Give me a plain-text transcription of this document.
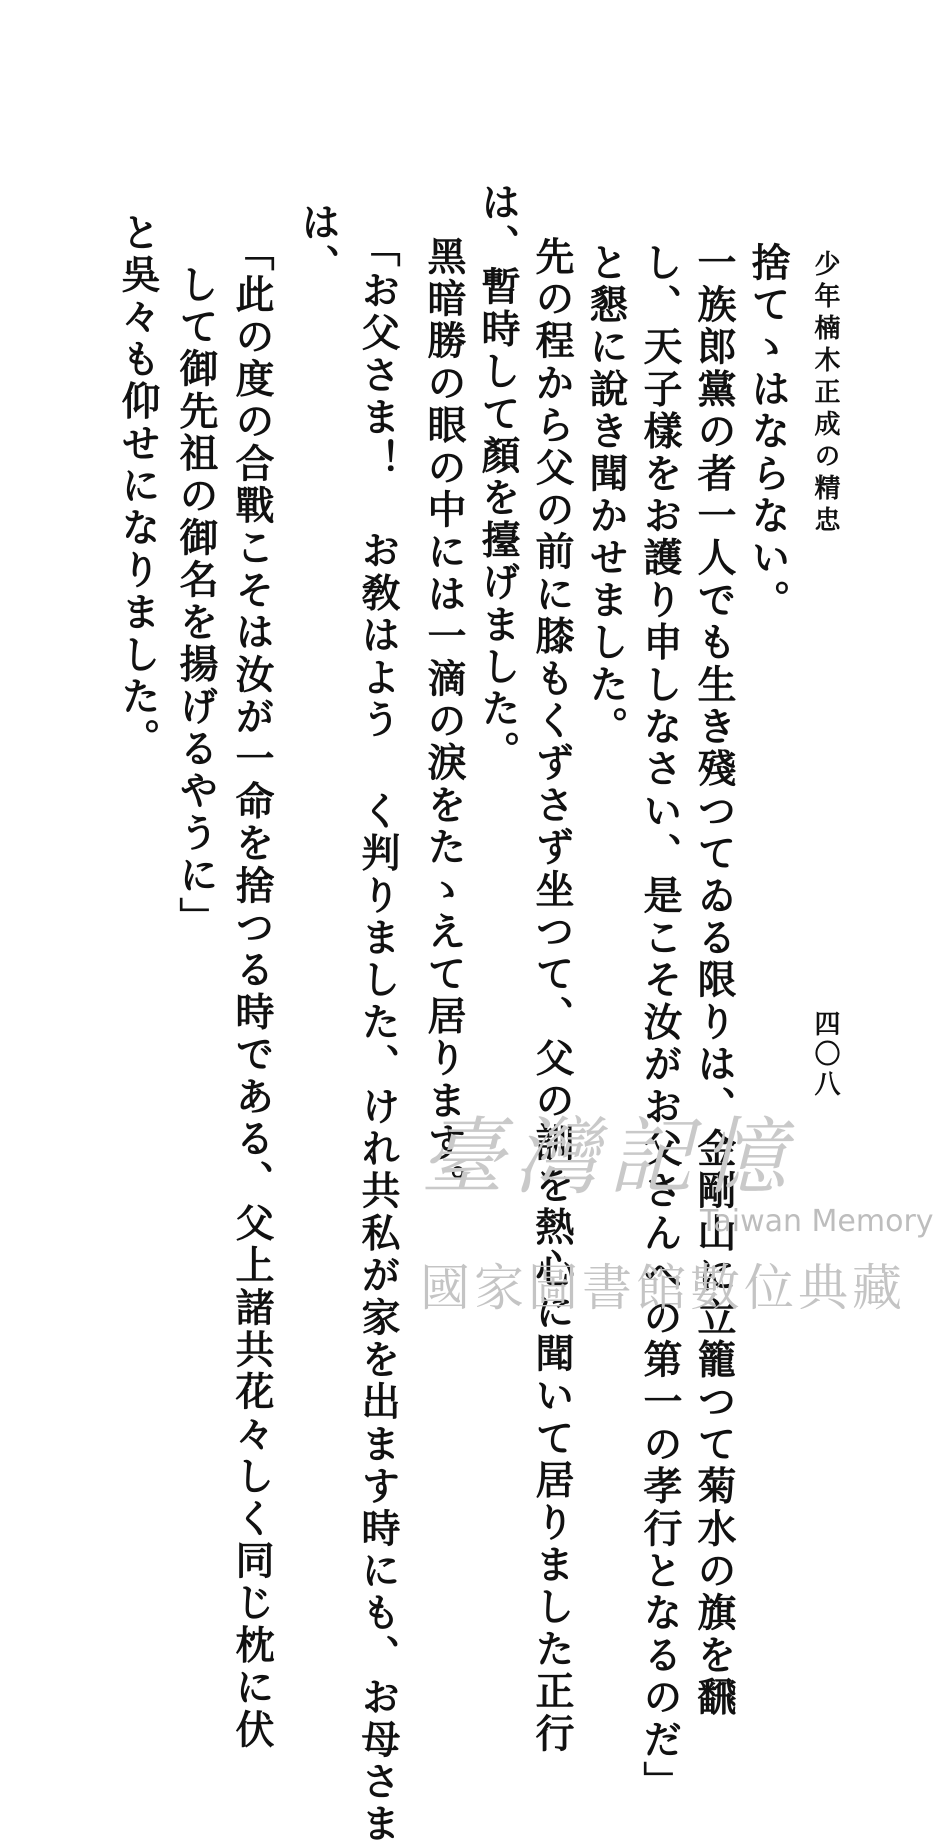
少年楠木正成の精忠
四〇八
捨てゝはならない。
一族郎黨の者一人でも生き殘つてゐる限りは、金剛山に立籠つて菊水の旗を飜
し、天子樣をお護り申しなさい、是こそ汝がお父さんへの第一の孝行となるのだ」
と懇に說き聞かせました。
先の程から父の前に膝もくずさず坐つて、父の訓を熱心に聞いて居りました正行
は、暫時して顏を擡げました。
黑暗勝の眼の中には一滴の淚をたゝえて居ります。
「お父さま！ お敎はよう く判りました、けれ共私が家を出ます時にも、お母さま
は、
「此の度の合戰こそは汝が一命を捨つる時である、父上諸共花々しく同じ枕に伏
して御先祖の御名を揚げるやうに」
と吳々も仰せになりました。
臺灣記憶
Taiwan Memory
國家圖書館數位典藏
